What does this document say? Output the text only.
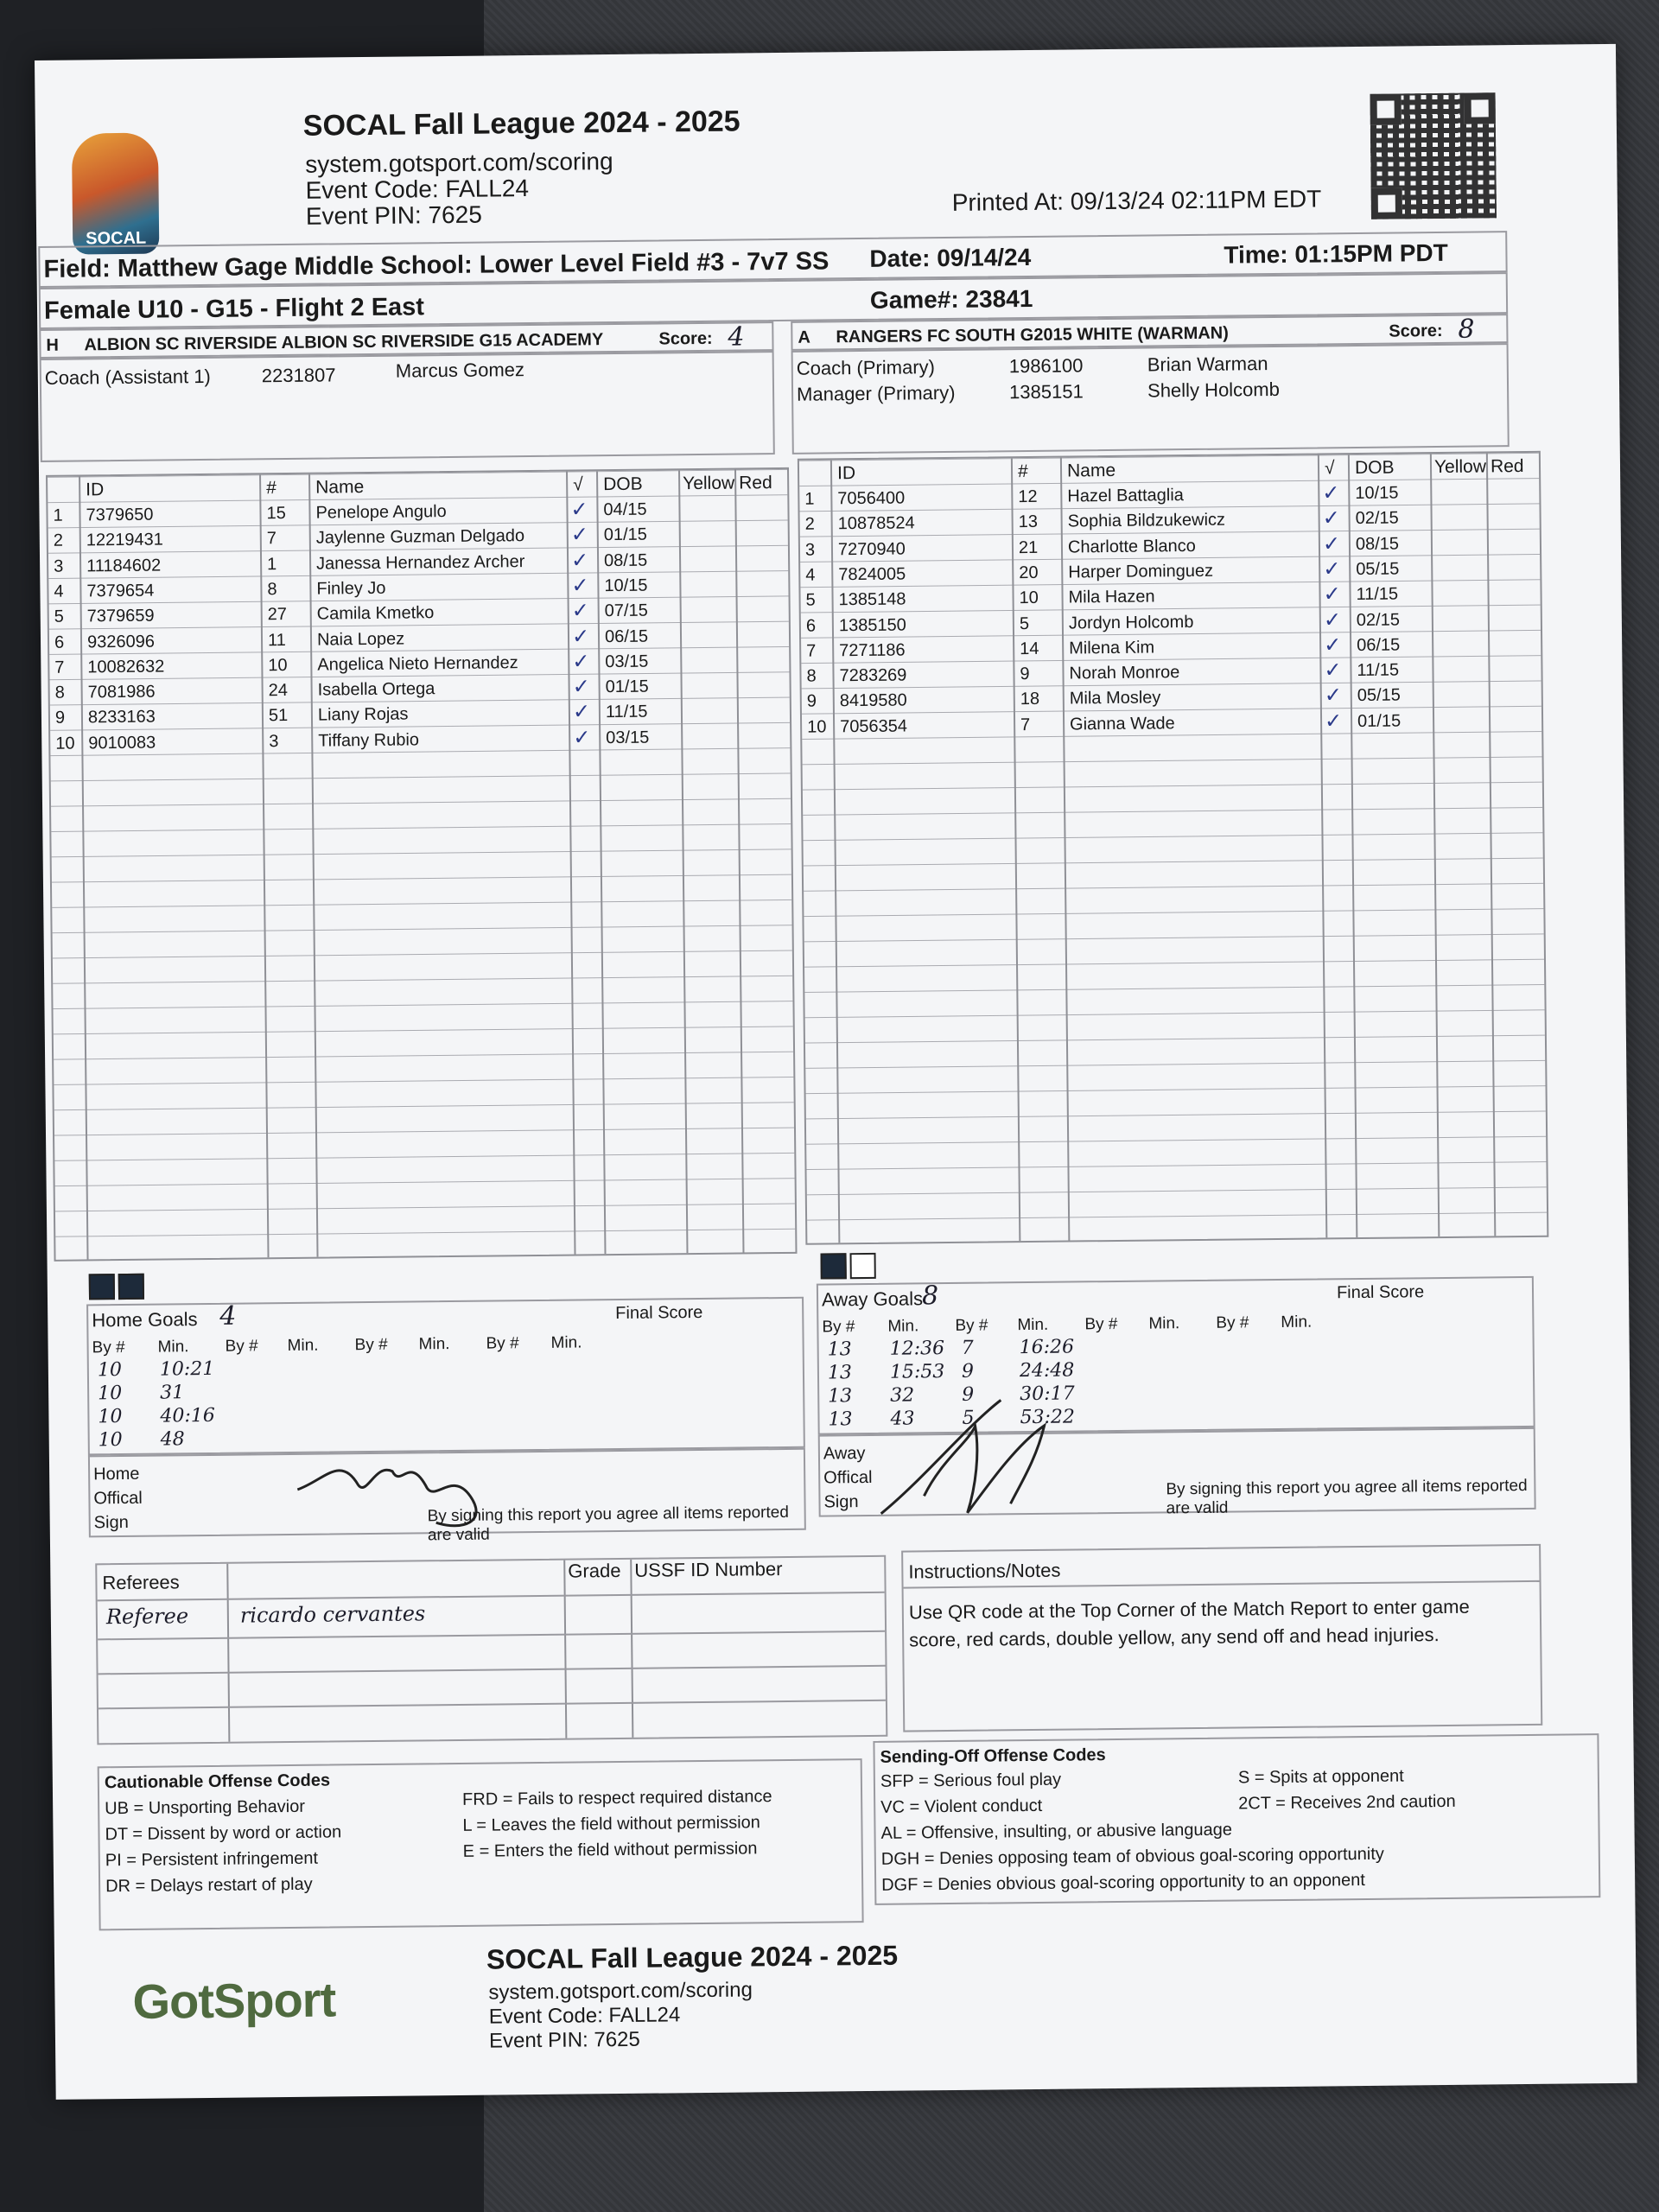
SOCAL
SOCAL Fall League 2024 - 2025
system.gotsport.com/scoring
Event Code: FALL24
Event PIN: 7625	Printed At: 09/13/24 02:11PM EDT
Field: Matthew Gage Middle School: Lower Level Field #3 - 7v7 SS Date: 09/14/24	Time: 01:15PM PDT
Female U10 - G15 - Flight 2 East	Game#: 23841
H ALBION SC RIVERSIDE ALBION SC RIVERSIDE G15 ACADEMY	Score: 4
Coach (Assistant 1)	2231807	Marcus Gomez
A RANGERS FC SOUTH G2015 WHITE (WARMAN)	Score: 8
Coach (Primary)	1986100	Brian Warman
Manager (Primary)	1385151	Shelly Holcomb
ID	# Name	√ DOB Yellow Red
1 7379650	15 Penelope Angulo	✓ 04/15
2 12219431	7 Jaylenne Guzman Delgado ✓ 01/15
3 11184602	1 Janessa Hernandez Archer ✓ 08/15
4 7379654	8 Finley Jo	✓ 10/15
5 7379659	27 Camila Kmetko	✓ 07/15
6 9326096	11 Naia Lopez	✓ 06/15
7 10082632	10 Angelica Nieto Hernandez	✓ 03/15
8 7081986	24 Isabella Ortega	✓ 01/15
9 8233163	51 Liany Rojas	✓ 11/15
10 9010083	3 Tiffany Rubio	✓ 03/15
ID	# Name	√ DOB Yellow Red
1 7056400	12 Hazel Battaglia	✓ 10/15
2 10878524	13 Sophia Bildzukewicz	✓ 02/15
3 7270940	21 Charlotte Blanco	✓ 08/15
4 7824005	20 Harper Dominguez	✓ 05/15
5 1385148	10 Mila Hazen	✓ 11/15
6 1385150	5 Jordyn Holcomb	✓ 02/15
7 7271186	14 Milena Kim	✓ 06/15
8 7283269	9 Norah Monroe	✓ 11/15
9 8419580	18 Mila Mosley	✓ 05/15
10 7056354	7 Gianna Wade	✓ 01/15
Home Goals 4	Final Score
By # Min. By # Min. By # Min. By # Min.
10 10:21
10 31
10 40:16
10 48
Home
Offical
Sign	By signing this report you agree all items reported are valid
Away Goals
8	Final Score
By # Min. By # Min. By # Min. By # Min.
13 12:36 7 16:26
13 15:53 9 24:48
13 32 9 30:17
13 43 5 53:22
Away
Offical
Sign
By signing this report you agree all items reported are valid
Referees
Grade USSF ID Number
Referee ricardo cervantes
Instructions/Notes
Use QR code at the Top Corner of the Match Report to enter game score, red cards, double yellow, any send off and head injuries.
Cautionable Offense Codes
UB = Unsporting Behavior
DT = Dissent by word or action
PI = Persistent infringement
DR = Delays restart of play
FRD = Fails to respect required distance
L = Leaves the field without permission
E = Enters the field without permission
Sending-Off Offense Codes
SFP = Serious foul play	S = Spits at opponent
VC = Violent conduct	2CT = Receives 2nd caution
AL = Offensive, insulting, or abusive language
DGH = Denies opposing team of obvious goal-scoring opportunity
DGF = Denies obvious goal-scoring opportunity to an opponent
GotSport
SOCAL Fall League 2024 - 2025
system.gotsport.com/scoring
Event Code: FALL24
Event PIN: 7625
